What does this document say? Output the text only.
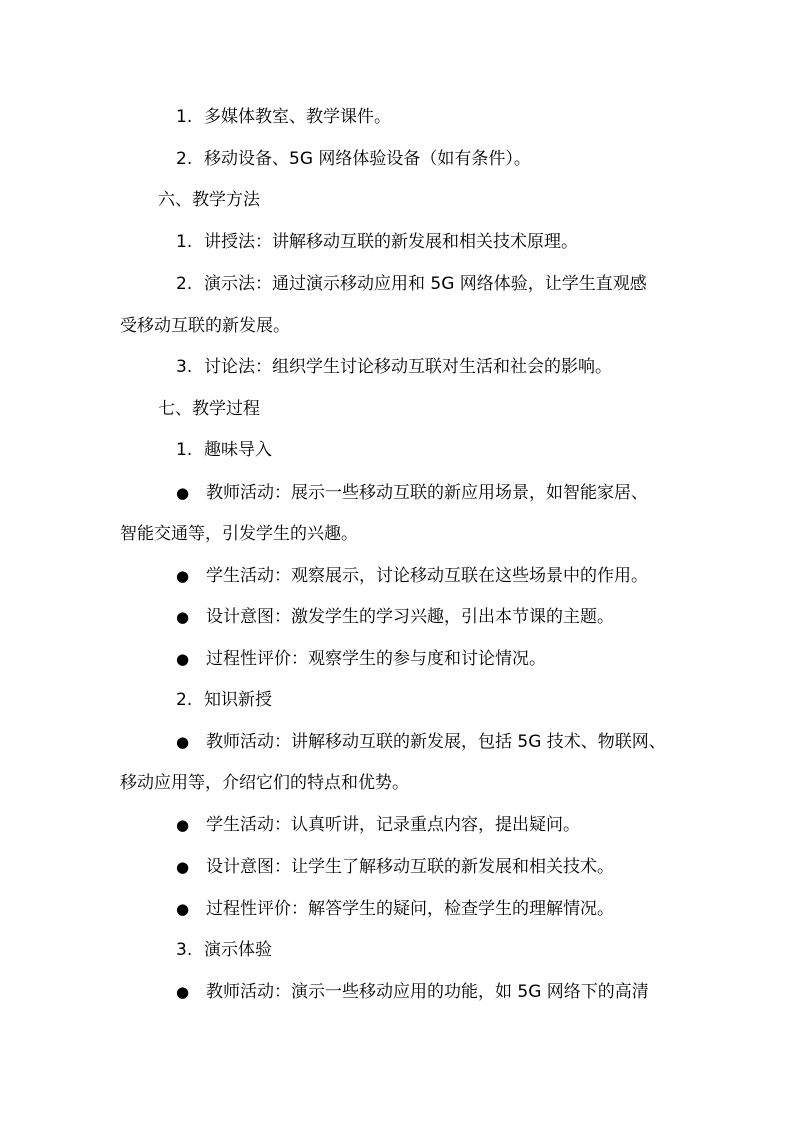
1. 多媒体教室、教学课件。
2. 移动设备、5G 网络体验设备（如有条件）。
六、教学方法
1. 讲授法：讲解移动互联的新发展和相关技术原理。
2. 演示法：通过演示移动应用和 5G 网络体验，让学生直观感
受移动互联的新发展。
3. 讨论法：组织学生讨论移动互联对生活和社会的影响。
七、教学过程
1. 趣味导入
● 教师活动：展示一些移动互联的新应用场景，如智能家居、
智能交通等，引发学生的兴趣。
● 学生活动：观察展示，讨论移动互联在这些场景中的作用。
● 设计意图：激发学生的学习兴趣，引出本节课的主题。
● 过程性评价：观察学生的参与度和讨论情况。
2. 知识新授
● 教师活动：讲解移动互联的新发展，包括 5G 技术、物联网、
移动应用等，介绍它们的特点和优势。
● 学生活动：认真听讲，记录重点内容，提出疑问。
● 设计意图：让学生了解移动互联的新发展和相关技术。
● 过程性评价：解答学生的疑问，检查学生的理解情况。
3. 演示体验
● 教师活动：演示一些移动应用的功能，如 5G 网络下的高清
